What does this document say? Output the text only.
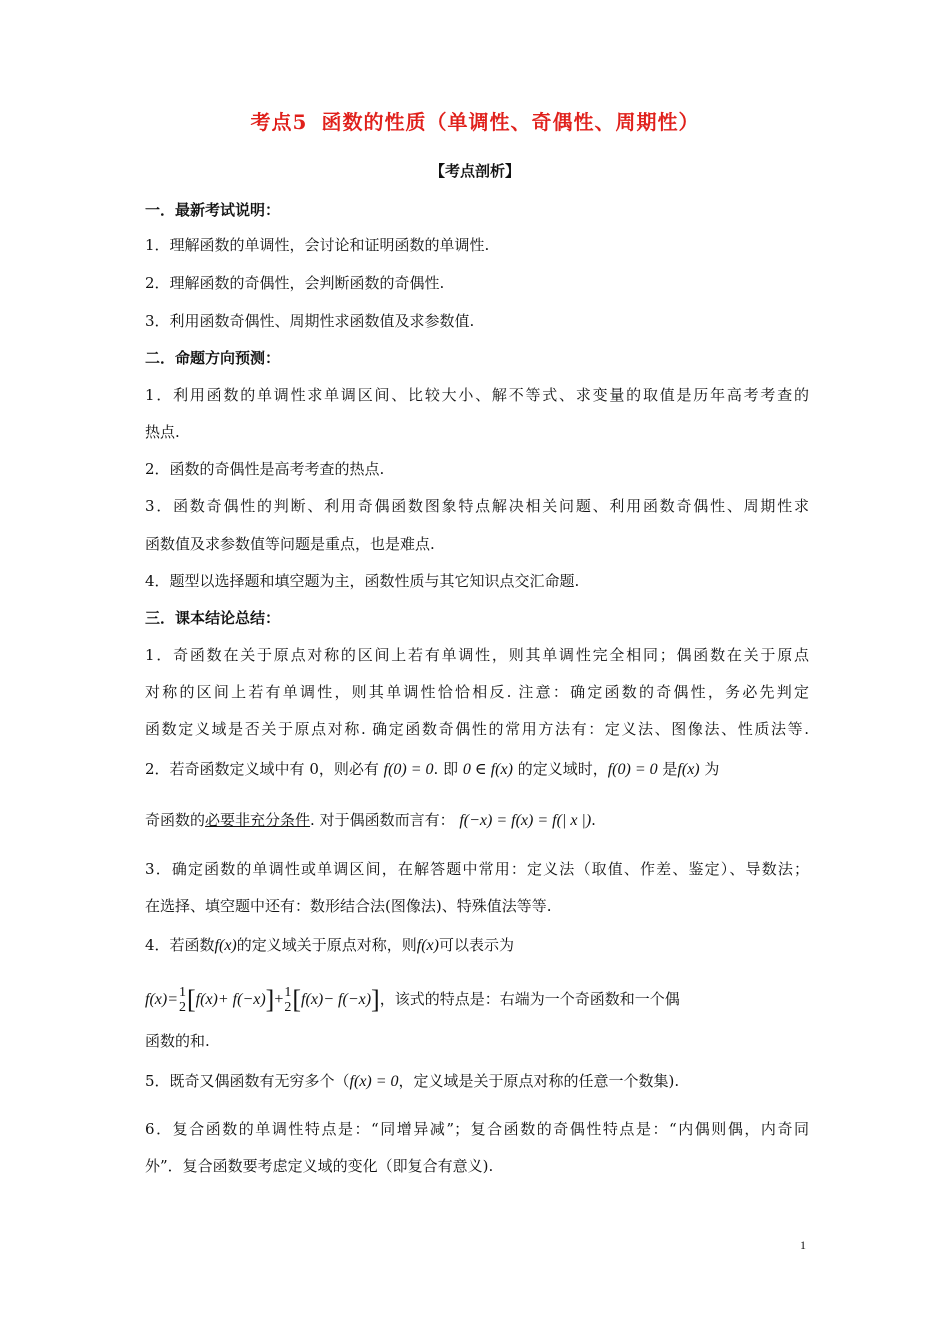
考点5 函数的性质（单调性、奇偶性、周期性）
【考点剖析】
一．最新考试说明：
1．理解函数的单调性，会讨论和证明函数的单调性.
2．理解函数的奇偶性，会判断函数的奇偶性.
3．利用函数奇偶性、周期性求函数值及求参数值.
二．命题方向预测：
1．利用函数的单调性求单调区间、比较大小、解不等式、求变量的取值是历年高考考查的
热点.
2．函数的奇偶性是高考考查的热点.
3．函数奇偶性的判断、利用奇偶函数图象特点解决相关问题、利用函数奇偶性、周期性求
函数值及求参数值等问题是重点，也是难点.
4．题型以选择题和填空题为主，函数性质与其它知识点交汇命题.
三．课本结论总结：
1．奇函数在关于原点对称的区间上若有单调性，则其单调性完全相同；偶函数在关于原点
对称的区间上若有单调性，则其单调性恰恰相反. 注意：确定函数的奇偶性，务必先判定
函数定义域是否关于原点对称. 确定函数奇偶性的常用方法有：定义法、图像法、性质法等.
2．若奇函数定义域中有 0，则必有 f(0) = 0. 即 0 ∈ f(x) 的定义域时，f(0) = 0 是f(x) 为
奇函数的必要非充分条件. 对于偶函数而言有： f(−x) = f(x) = f(| x |).
3．确定函数的单调性或单调区间，在解答题中常用：定义法（取值、作差、鉴定）、导数法；
在选择、填空题中还有：数形结合法(图像法)、特殊值法等等.
4．若函数f(x)的定义域关于原点对称，则f(x)可以表示为
f(x)= 1
2 [f(x)+ f(−x)]+ 1
2 [f(x)− f(−x)]，该式的特点是：右端为一个奇函数和一个偶
函数的和.
5．既奇又偶函数有无穷多个（f(x) = 0，定义域是关于原点对称的任意一个数集).
6．复合函数的单调性特点是：“同增异减”；复合函数的奇偶性特点是：“内偶则偶，内奇同
外”．复合函数要考虑定义域的变化（即复合有意义).
1
